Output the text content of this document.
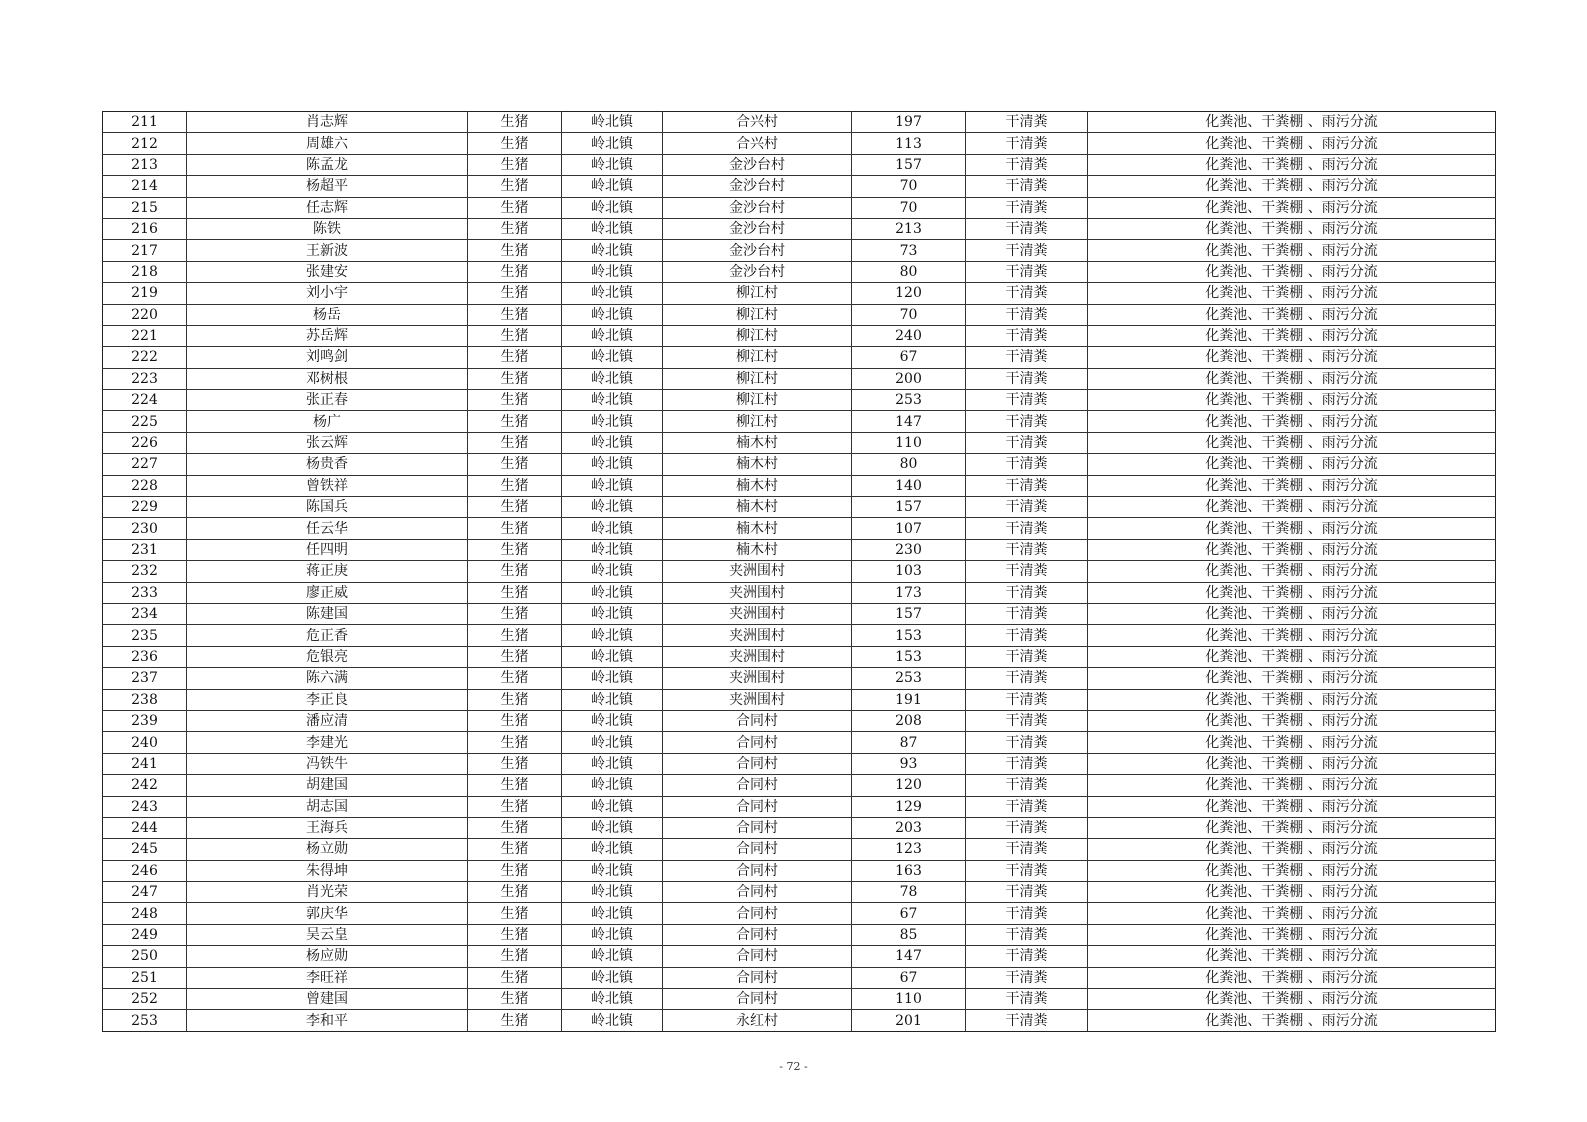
211	肖志辉	生猪	岭北镇	合兴村	197	干清粪	化粪池、干粪棚 、雨污分流
212	周雄六	生猪	岭北镇	合兴村	113	干清粪	化粪池、干粪棚 、雨污分流
213	陈孟龙	生猪	岭北镇	金沙台村	157	干清粪	化粪池、干粪棚 、雨污分流
214	杨超平	生猪	岭北镇	金沙台村	70	干清粪	化粪池、干粪棚 、雨污分流
215	任志辉	生猪	岭北镇	金沙台村	70	干清粪	化粪池、干粪棚 、雨污分流
216	陈铁	生猪	岭北镇	金沙台村	213	干清粪	化粪池、干粪棚 、雨污分流
217	王新波	生猪	岭北镇	金沙台村	73	干清粪	化粪池、干粪棚 、雨污分流
218	张建安	生猪	岭北镇	金沙台村	80	干清粪	化粪池、干粪棚 、雨污分流
219	刘小宇	生猪	岭北镇	柳江村	120	干清粪	化粪池、干粪棚 、雨污分流
220	杨岳	生猪	岭北镇	柳江村	70	干清粪	化粪池、干粪棚 、雨污分流
221	苏岳辉	生猪	岭北镇	柳江村	240	干清粪	化粪池、干粪棚 、雨污分流
222	刘鸣剑	生猪	岭北镇	柳江村	67	干清粪	化粪池、干粪棚 、雨污分流
223	邓树根	生猪	岭北镇	柳江村	200	干清粪	化粪池、干粪棚 、雨污分流
224	张正春	生猪	岭北镇	柳江村	253	干清粪	化粪池、干粪棚 、雨污分流
225	杨广	生猪	岭北镇	柳江村	147	干清粪	化粪池、干粪棚 、雨污分流
226	张云辉	生猪	岭北镇	楠木村	110	干清粪	化粪池、干粪棚 、雨污分流
227	杨贵香	生猪	岭北镇	楠木村	80	干清粪	化粪池、干粪棚 、雨污分流
228	曾铁祥	生猪	岭北镇	楠木村	140	干清粪	化粪池、干粪棚 、雨污分流
229	陈国兵	生猪	岭北镇	楠木村	157	干清粪	化粪池、干粪棚 、雨污分流
230	任云华	生猪	岭北镇	楠木村	107	干清粪	化粪池、干粪棚 、雨污分流
231	任四明	生猪	岭北镇	楠木村	230	干清粪	化粪池、干粪棚 、雨污分流
232	蒋正庚	生猪	岭北镇	夹洲围村	103	干清粪	化粪池、干粪棚 、雨污分流
233	廖正威	生猪	岭北镇	夹洲围村	173	干清粪	化粪池、干粪棚 、雨污分流
234	陈建国	生猪	岭北镇	夹洲围村	157	干清粪	化粪池、干粪棚 、雨污分流
235	危正香	生猪	岭北镇	夹洲围村	153	干清粪	化粪池、干粪棚 、雨污分流
236	危银亮	生猪	岭北镇	夹洲围村	153	干清粪	化粪池、干粪棚 、雨污分流
237	陈六满	生猪	岭北镇	夹洲围村	253	干清粪	化粪池、干粪棚 、雨污分流
238	李正良	生猪	岭北镇	夹洲围村	191	干清粪	化粪池、干粪棚 、雨污分流
239	潘应清	生猪	岭北镇	合同村	208	干清粪	化粪池、干粪棚 、雨污分流
240	李建光	生猪	岭北镇	合同村	87	干清粪	化粪池、干粪棚 、雨污分流
241	冯铁牛	生猪	岭北镇	合同村	93	干清粪	化粪池、干粪棚 、雨污分流
242	胡建国	生猪	岭北镇	合同村	120	干清粪	化粪池、干粪棚 、雨污分流
243	胡志国	生猪	岭北镇	合同村	129	干清粪	化粪池、干粪棚 、雨污分流
244	王海兵	生猪	岭北镇	合同村	203	干清粪	化粪池、干粪棚 、雨污分流
245	杨立勋	生猪	岭北镇	合同村	123	干清粪	化粪池、干粪棚 、雨污分流
246	朱得坤	生猪	岭北镇	合同村	163	干清粪	化粪池、干粪棚 、雨污分流
247	肖光荣	生猪	岭北镇	合同村	78	干清粪	化粪池、干粪棚 、雨污分流
248	郭庆华	生猪	岭北镇	合同村	67	干清粪	化粪池、干粪棚 、雨污分流
249	吴云皇	生猪	岭北镇	合同村	85	干清粪	化粪池、干粪棚 、雨污分流
250	杨应勋	生猪	岭北镇	合同村	147	干清粪	化粪池、干粪棚 、雨污分流
251	李旺祥	生猪	岭北镇	合同村	67	干清粪	化粪池、干粪棚 、雨污分流
252	曾建国	生猪	岭北镇	合同村	110	干清粪	化粪池、干粪棚 、雨污分流
253	李和平	生猪	岭北镇	永红村	201	干清粪	化粪池、干粪棚 、雨污分流
- 72 -
